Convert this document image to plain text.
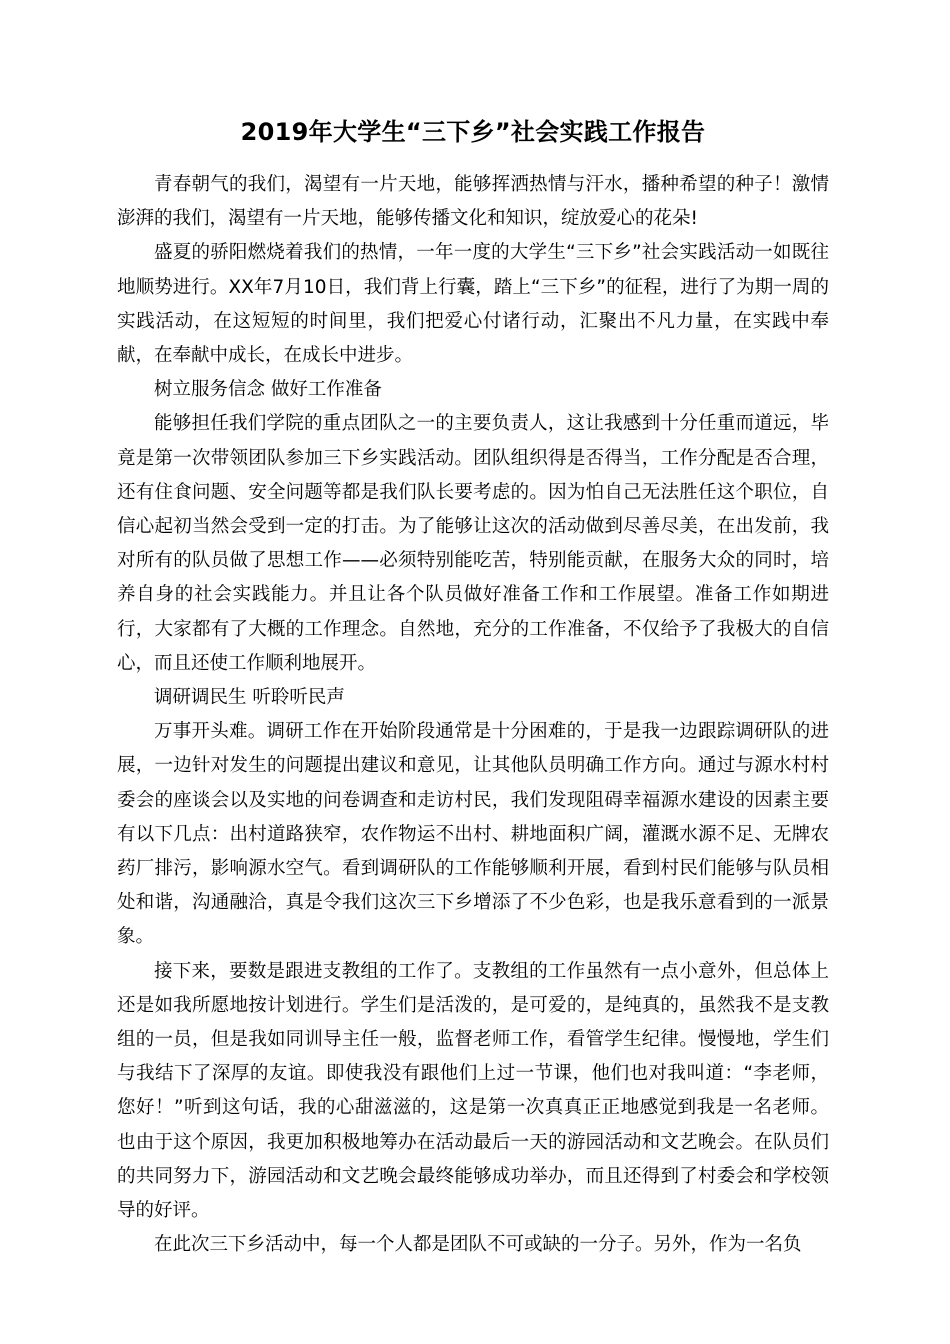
2019年大学生“三下乡”社会实践工作报告

青春朝气的我们，渴望有一片天地，能够挥洒热情与汗水，播种希望的种子！激情澎湃的我们，渴望有一片天地，能够传播文化和知识，绽放爱心的花朵!

盛夏的骄阳燃烧着我们的热情，一年一度的大学生“三下乡”社会实践活动一如既往地顺势进行。XX年7月10日，我们背上行囊，踏上“三下乡”的征程，进行了为期一周的实践活动，在这短短的时间里，我们把爱心付诸行动，汇聚出不凡力量，在实践中奉献，在奉献中成长，在成长中进步。

树立服务信念 做好工作准备

能够担任我们学院的重点团队之一的主要负责人，这让我感到十分任重而道远，毕竟是第一次带领团队参加三下乡实践活动。团队组织得是否得当，工作分配是否合理，还有住食问题、安全问题等都是我们队长要考虑的。因为怕自己无法胜任这个职位，自信心起初当然会受到一定的打击。为了能够让这次的活动做到尽善尽美，在出发前，我对所有的队员做了思想工作——必须特别能吃苦，特别能贡献，在服务大众的同时，培养自身的社会实践能力。并且让各个队员做好准备工作和工作展望。准备工作如期进行，大家都有了大概的工作理念。自然地，充分的工作准备，不仅给予了我极大的自信心，而且还使工作顺利地展开。

调研调民生 听聆听民声

万事开头难。调研工作在开始阶段通常是十分困难的，于是我一边跟踪调研队的进展，一边针对发生的问题提出建议和意见，让其他队员明确工作方向。通过与源水村村委会的座谈会以及实地的问卷调查和走访村民，我们发现阻碍幸福源水建设的因素主要有以下几点：出村道路狭窄，农作物运不出村、耕地面积广阔，灌溉水源不足、无牌农药厂排污，影响源水空气。看到调研队的工作能够顺利开展，看到村民们能够与队员相处和谐，沟通融洽，真是令我们这次三下乡增添了不少色彩，也是我乐意看到的一派景象。

接下来，要数是跟进支教组的工作了。支教组的工作虽然有一点小意外，但总体上还是如我所愿地按计划进行。学生们是活泼的，是可爱的，是纯真的，虽然我不是支教组的一员，但是我如同训导主任一般，监督老师工作，看管学生纪律。慢慢地，学生们与我结下了深厚的友谊。即使我没有跟他们上过一节课，他们也对我叫道：“李老师，您好！”听到这句话，我的心甜滋滋的，这是第一次真真正正地感觉到我是一名老师。也由于这个原因，我更加积极地筹办在活动最后一天的游园活动和文艺晚会。在队员们的共同努力下，游园活动和文艺晚会最终能够成功举办，而且还得到了村委会和学校领导的好评。

在此次三下乡活动中，每一个人都是团队不可或缺的一分子。另外，作为一名负
